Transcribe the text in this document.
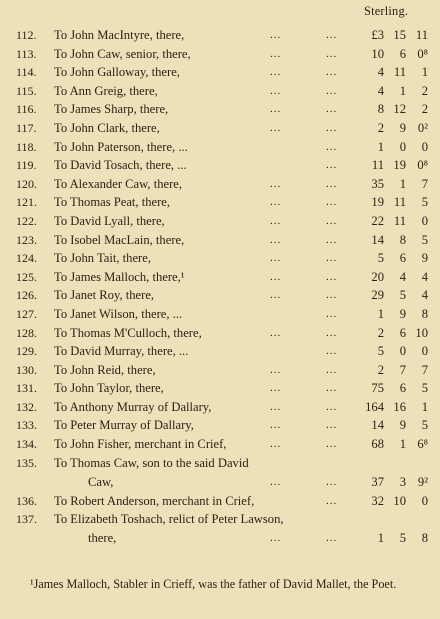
Sterling.
112.	To John MacIntyre, there,	...	...	£3 15 11
113.	To John Caw, senior, there,	...	...	10 6 0⁸
114.	To John Galloway, there,	...	...	4 11 1
115.	To Ann Greig, there,	...	...	4 1 2
116.	To James Sharp, there,	...	...	8 12 2
117.	To John Clark, there,	...	...	2 9 0²
118.	To John Paterson, there, ...	...	1 0 0
119.	To David Tosach, there, ...	...	11 19 0⁸
120.	To Alexander Caw, there,	...	...	35 1 7
121.	To Thomas Peat, there,	...	...	19 11 5
122.	To David Lyall, there,	...	...	22 11 0
123.	To Isobel MacLain, there,	...	...	14 8 5
124.	To John Tait, there,	...	...	5 6 9
125.	To James Malloch, there,¹	...	...	20 4 4
126.	To Janet Roy, there,	...	...	29 5 4
127.	To Janet Wilson, there, ...	...	1 9 8
128.	To Thomas M'Culloch, there,	...	...	2 6 10
129.	To David Murray, there, ...	...	5 0 0
130.	To John Reid, there,	...	...	2 7 7
131.	To John Taylor, there,	...	...	75 6 5
132.	To Anthony Murray of Dallary,	...	... 164 16 1
133.	To Peter Murray of Dallary,	...	...	14 9 5
134.	To John Fisher, merchant in Crief,	...	...	68 1 6⁸
135.	To Thomas Caw, son to the said David
Caw,	...	...	37 3 9²
136.	To Robert Anderson, merchant in Crief,	...	32 10 0
137.	To Elizabeth Toshach, relict of Peter Lawson,
there,	...	...	1 5 8
¹James Malloch, Stabler in Crieff, was the father of David Mallet, the Poet.
